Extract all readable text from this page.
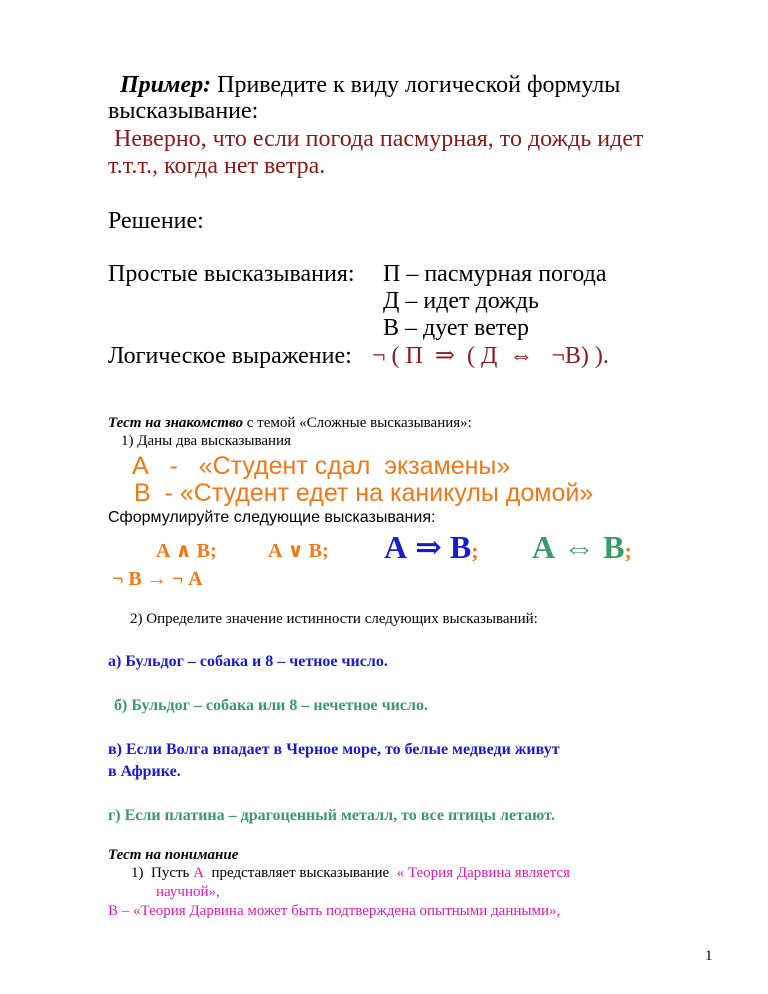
Пример: Приведите к виду логической формулы
высказывание:
Неверно, что если погода пасмурная, то дождь идет
т.т.т., когда нет ветра.
Решение:
Простые высказывания: П – пасмурная погода
Д – идет дождь
В – дует ветер
Логическое выражение: ¬ ( П  ⇒  ( Д  ⇔   ¬В) ).
Тест на знакомство с темой «Сложные высказывания»:
1) Даны два высказывания
А   -   «Студент сдал  экзамены»
В  - «Студент едет на каникулы домой»
Сформулируйте следующие высказывания:
А ∧ В;	А ∨ В; А ⇒ В; А ⇔ В;
¬ В → ¬ А
2) Определите значение истинности следующих высказываний:
а) Бульдог – собака и 8 – четное число.
б) Бульдог – собака или 8 – нечетное число.
в) Если Волга впадает в Черное море, то белые медведи живут
в Африке.
г) Если платина – драгоценный металл, то все птицы летают.
Тест на понимание
1)  Пусть А  представляет высказывание  « Теория Дарвина является
научной»,
В – «Теория Дарвина может быть подтверждена опытными данными»,
1
